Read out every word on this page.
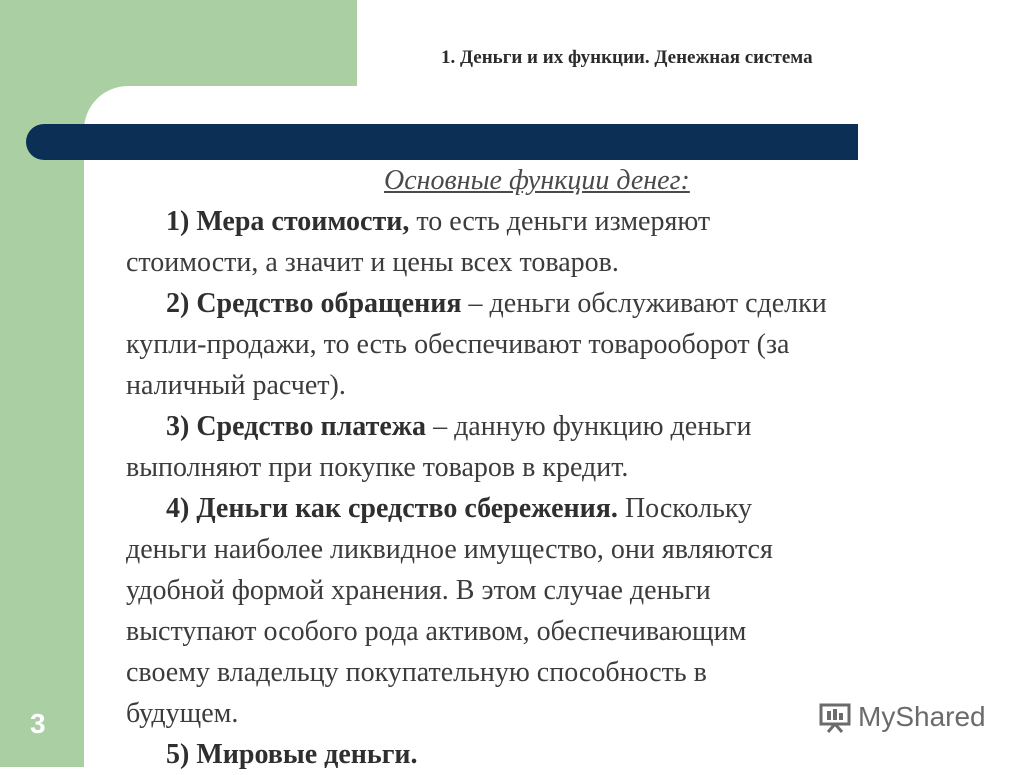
1. Деньги и их функции. Денежная система
Основные функции денег:
1) Мера стоимости, то есть деньги измеряют
стоимости, а значит и цены всех товаров.
2) Средство обращения – деньги обслуживают сделки
купли-продажи, то есть обеспечивают товарооборот (за
наличный расчет).
3) Средство платежа – данную функцию деньги
выполняют при покупке товаров в кредит.
4) Деньги как средство сбережения. Поскольку
деньги наиболее ликвидное имущество, они являются
удобной формой хранения. В этом случае деньги
выступают особого рода активом, обеспечивающим
своему владельцу покупательную способность в
будущем.
5) Мировые деньги.
3	MyShared
